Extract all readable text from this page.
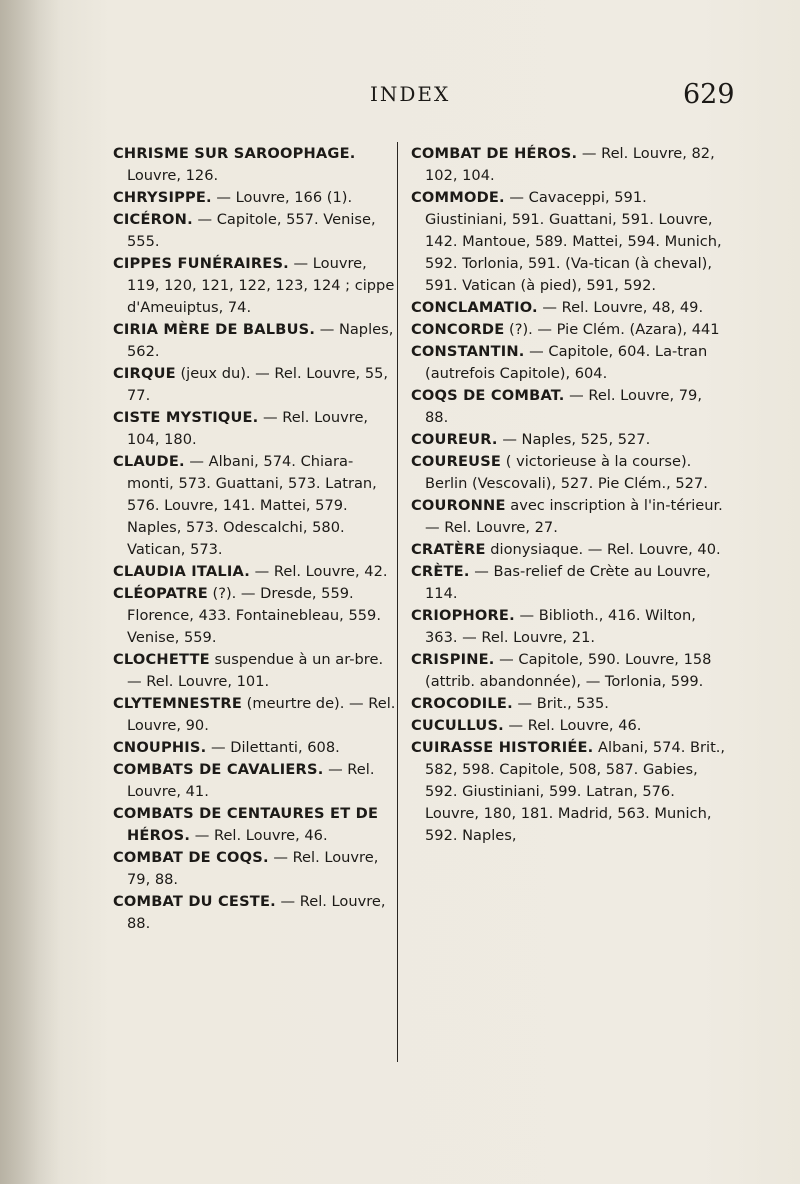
INDEX	629

CHRISME SUR SAROOPHAGE. Louvre, 126.

CHRYSIPPE. — Louvre, 166 (1).

CICÉRON. — Capitole, 557. Venise, 555.

CIPPES FUNÉRAIRES. — Louvre, 119, 120, 121, 122, 123, 124 ; cippe d'Ameuiptus, 74.

CIRIA MÈRE DE BALBUS. — Naples, 562.

CIRQUE (jeux du). — Rel. Louvre, 55, 77.

CISTE MYSTIQUE. — Rel. Louvre, 104, 180.

CLAUDE. — Albani, 574. Chiara-monti, 573. Guattani, 573. Latran, 576. Louvre, 141. Mattei, 579. Naples, 573. Odescalchi, 580. Vatican, 573.

CLAUDIA ITALIA. — Rel. Louvre, 42.

CLÉOPATRE (?). — Dresde, 559. Florence, 433. Fontainebleau, 559. Venise, 559.

CLOCHETTE suspendue à un ar-bre. — Rel. Louvre, 101.

CLYTEMNESTRE (meurtre de). — Rel. Louvre, 90.

CNOUPHIS. — Dilettanti, 608.

COMBATS DE CAVALIERS. — Rel. Louvre, 41.

COMBATS DE CENTAURES ET DE HÉROS. — Rel. Louvre, 46.

COMBAT DE COQS. — Rel. Louvre, 79, 88.

COMBAT DU CESTE. — Rel. Louvre, 88.

COMBAT DE HÉROS. — Rel. Louvre, 82, 102, 104.

COMMODE. — Cavaceppi, 591. Giustiniani, 591. Guattani, 591. Louvre, 142. Mantoue, 589. Mattei, 594. Munich, 592. Torlonia, 591. (Va-tican (à cheval), 591. Vatican (à pied), 591, 592.

CONCLAMATIO. — Rel. Louvre, 48, 49.

CONCORDE (?). — Pie Clém. (Azara), 441

CONSTANTIN. — Capitole, 604. La-tran (autrefois Capitole), 604.

COQS DE COMBAT. — Rel. Louvre, 79, 88.

COUREUR. — Naples, 525, 527.

COUREUSE ( victorieuse à la course). Berlin (Vescovali), 527. Pie Clém., 527.

COURONNE avec inscription à l'in-térieur. — Rel. Louvre, 27.

CRATÈRE dionysiaque. — Rel. Louvre, 40.

CRÈTE. — Bas-relief de Crète au Louvre, 114.

CRIOPHORE. — Biblioth., 416. Wilton, 363. — Rel. Louvre, 21.

CRISPINE. — Capitole, 590. Louvre, 158 (attrib. abandonnée), — Torlonia, 599.

CROCODILE. — Brit., 535.

CUCULLUS. — Rel. Louvre, 46.

CUIRASSE HISTORIÉE. Albani, 574. Brit., 582, 598. Capitole, 508, 587. Gabies, 592. Giustiniani, 599. Latran, 576. Louvre, 180, 181. Madrid, 563. Munich, 592. Naples,
